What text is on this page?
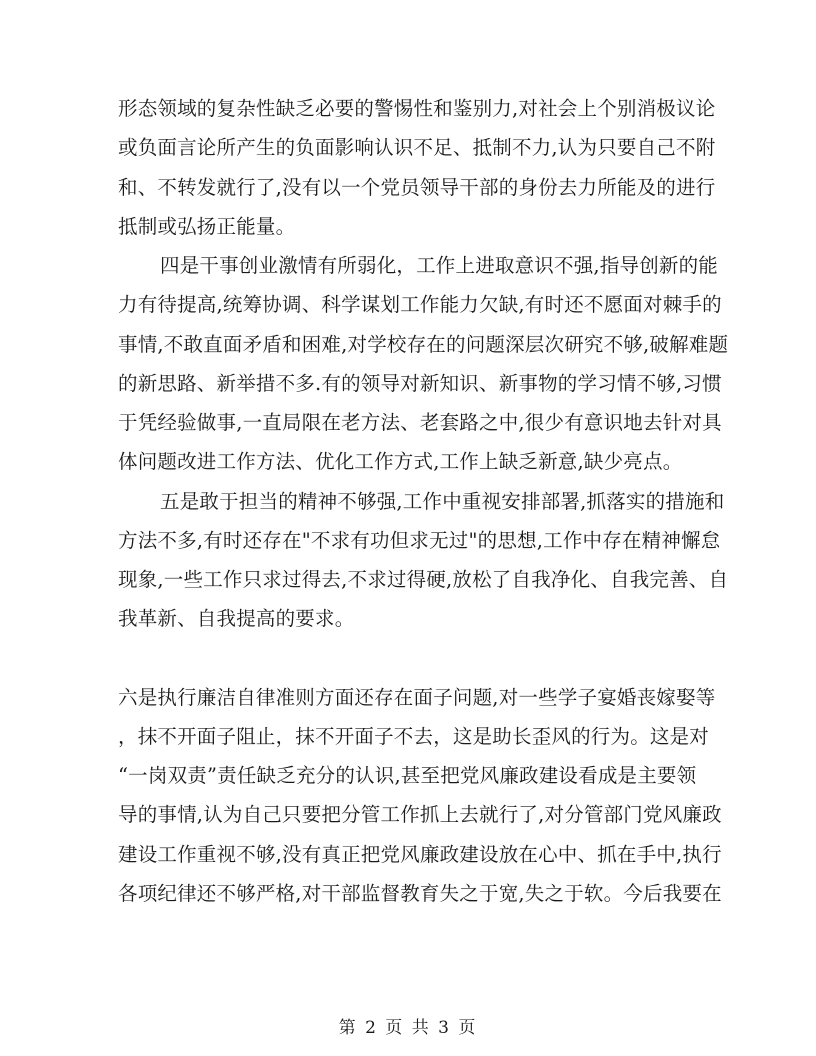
形态领域的复杂性缺乏必要的警惕性和鉴别力,对社会上个别消极议论
或负面言论所产生的负面影响认识不足、抵制不力,认为只要自己不附
和、不转发就行了,没有以一个党员领导干部的身份去力所能及的进行
抵制或弘扬正能量。
四是干事创业激情有所弱化，工作上进取意识不强,指导创新的能
力有待提高,统筹协调、科学谋划工作能力欠缺,有时还不愿面对棘手的
事情,不敢直面矛盾和困难,对学校存在的问题深层次研究不够,破解难题
的新思路、新举措不多.有的领导对新知识、新事物的学习情不够,习惯
于凭经验做事,一直局限在老方法、老套路之中,很少有意识地去针对具
体问题改进工作方法、优化工作方式,工作上缺乏新意,缺少亮点。
五是敢于担当的精神不够强,工作中重视安排部署,抓落实的措施和
方法不多,有时还存在"不求有功但求无过"的思想,工作中存在精神懈怠
现象,一些工作只求过得去,不求过得硬,放松了自我净化、自我完善、自
我革新、自我提高的要求。
六是执行廉洁自律准则方面还存在面子问题,对一些学子宴婚丧嫁娶等
，抹不开面子阻止，抹不开面子不去，这是助长歪风的行为。这是对
“一岗双责”责任缺乏充分的认识,甚至把党风廉政建设看成是主要领
导的事情,认为自己只要把分管工作抓上去就行了,对分管部门党风廉政
建设工作重视不够,没有真正把党风廉政建设放在心中、抓在手中,执行
各项纪律还不够严格,对干部监督教育失之于宽,失之于软。今后我要在
第 2 页 共 3 页
